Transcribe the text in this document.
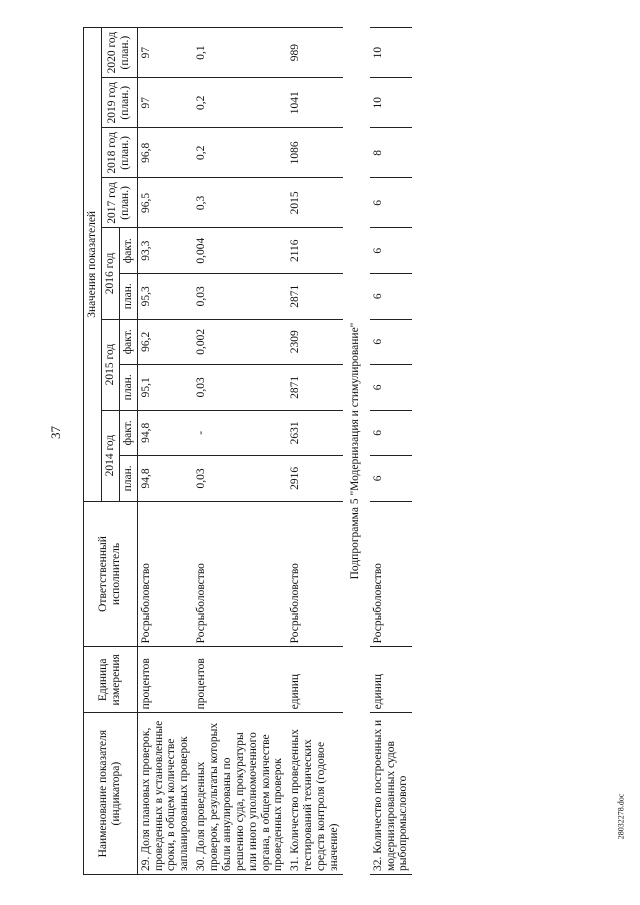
37
28032278.doc
Наименование показателя (индикатора)	Единица измерения	Ответственный исполнитель	Значения показателей									
			2014 год		2015 год		2016 год		2017 год (план.)	2018 год (план.)	2019 год (план.)	2020 год (план.)
			план.	факт.	план.	факт.	план.	факт.				
29. Доля плановых проверок, проведенных в установленные сроки, в общем количестве запланированных проверок	процентов	Росрыболовство	94,8	94,8	95,1	96,2	95,3	93,3	96,5	96,8	97	97
30. Доля проведенных проверок, результаты которых были аннулированы по решению суда, прокуратуры или иного уполномоченного органа, в общем количестве проведенных проверок	процентов	Росрыболовство	0,03	-	0,03	0,002	0,03	0,004	0,3	0,2	0,2	0,1
31. Количество проведенных тестирований технических средств контроля (годовое значение)	единиц	Росрыболовство	2916	2631	2871	2309	2871	2116	2015	1086	1041	989
Подпрограмма 5 "Модернизация и стимулирование"												
32. Количество построенных и модернизированных судов рыбопромыслового	единиц	Росрыболовство	6	6	6	6	6	6	6	8	10	10
